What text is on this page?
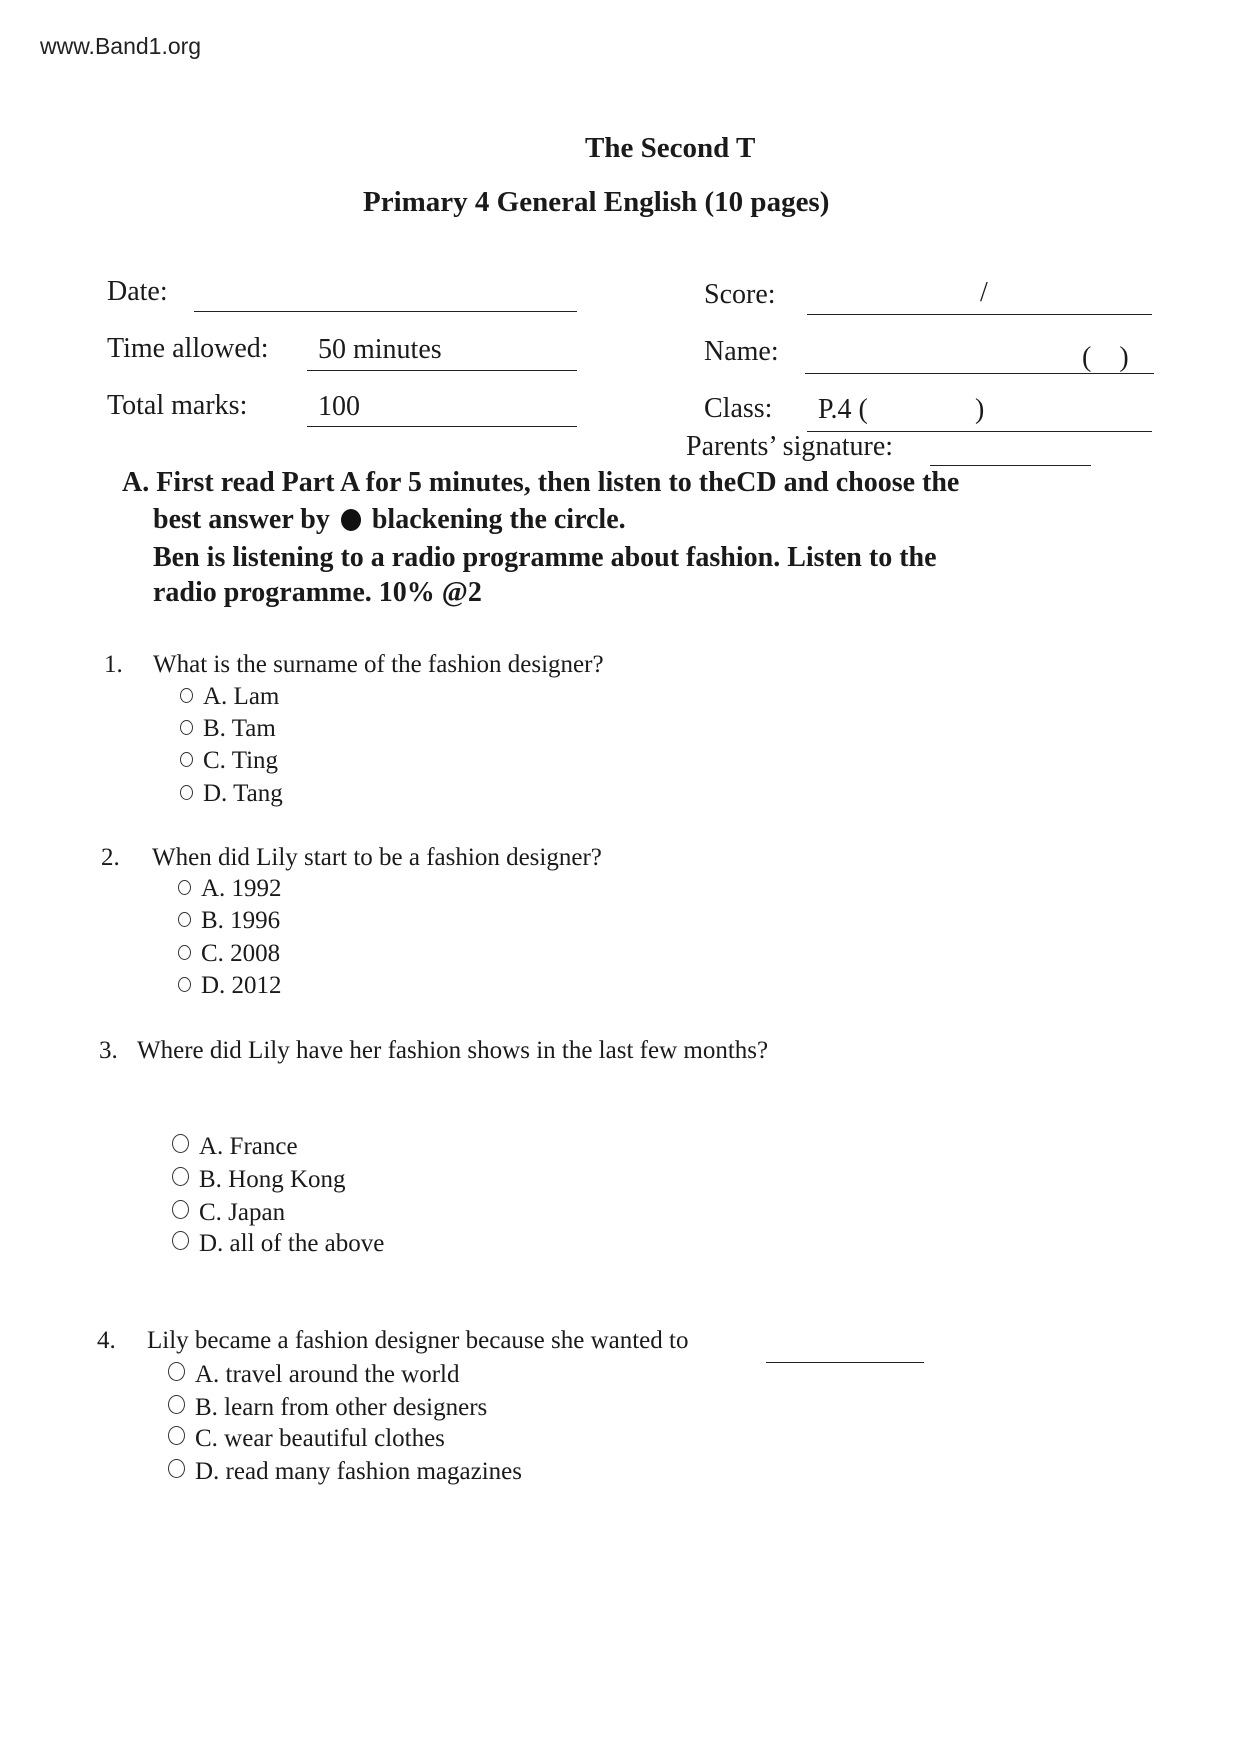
www.Band1.org
The Second T
Primary 4 General English (10 pages)
Date:
Time allowed: 50 minutes
Total marks:	100
Score:	/
Name:	(    )
Class: P.4 (	)
Parents’ signature:
A. First read Part A for 5 minutes, then listen to theCD and choose the
best answer by blackening the circle.
Ben is listening to a radio programme about fashion. Listen to the
radio programme. 10% @2
1. What is the surname of the fashion designer?
A. Lam
B. Tam
C. Ting
D. Tang
2. When did Lily start to be a fashion designer?
A. 1992
B. 1996
C. 2008
D. 2012
3. Where did Lily have her fashion shows in the last few months?
A. France
B. Hong Kong
C. Japan
D. all of the above
4. Lily became a fashion designer because she wanted to
A. travel around the world
B. learn from other designers
C. wear beautiful clothes
D. read many fashion magazines
